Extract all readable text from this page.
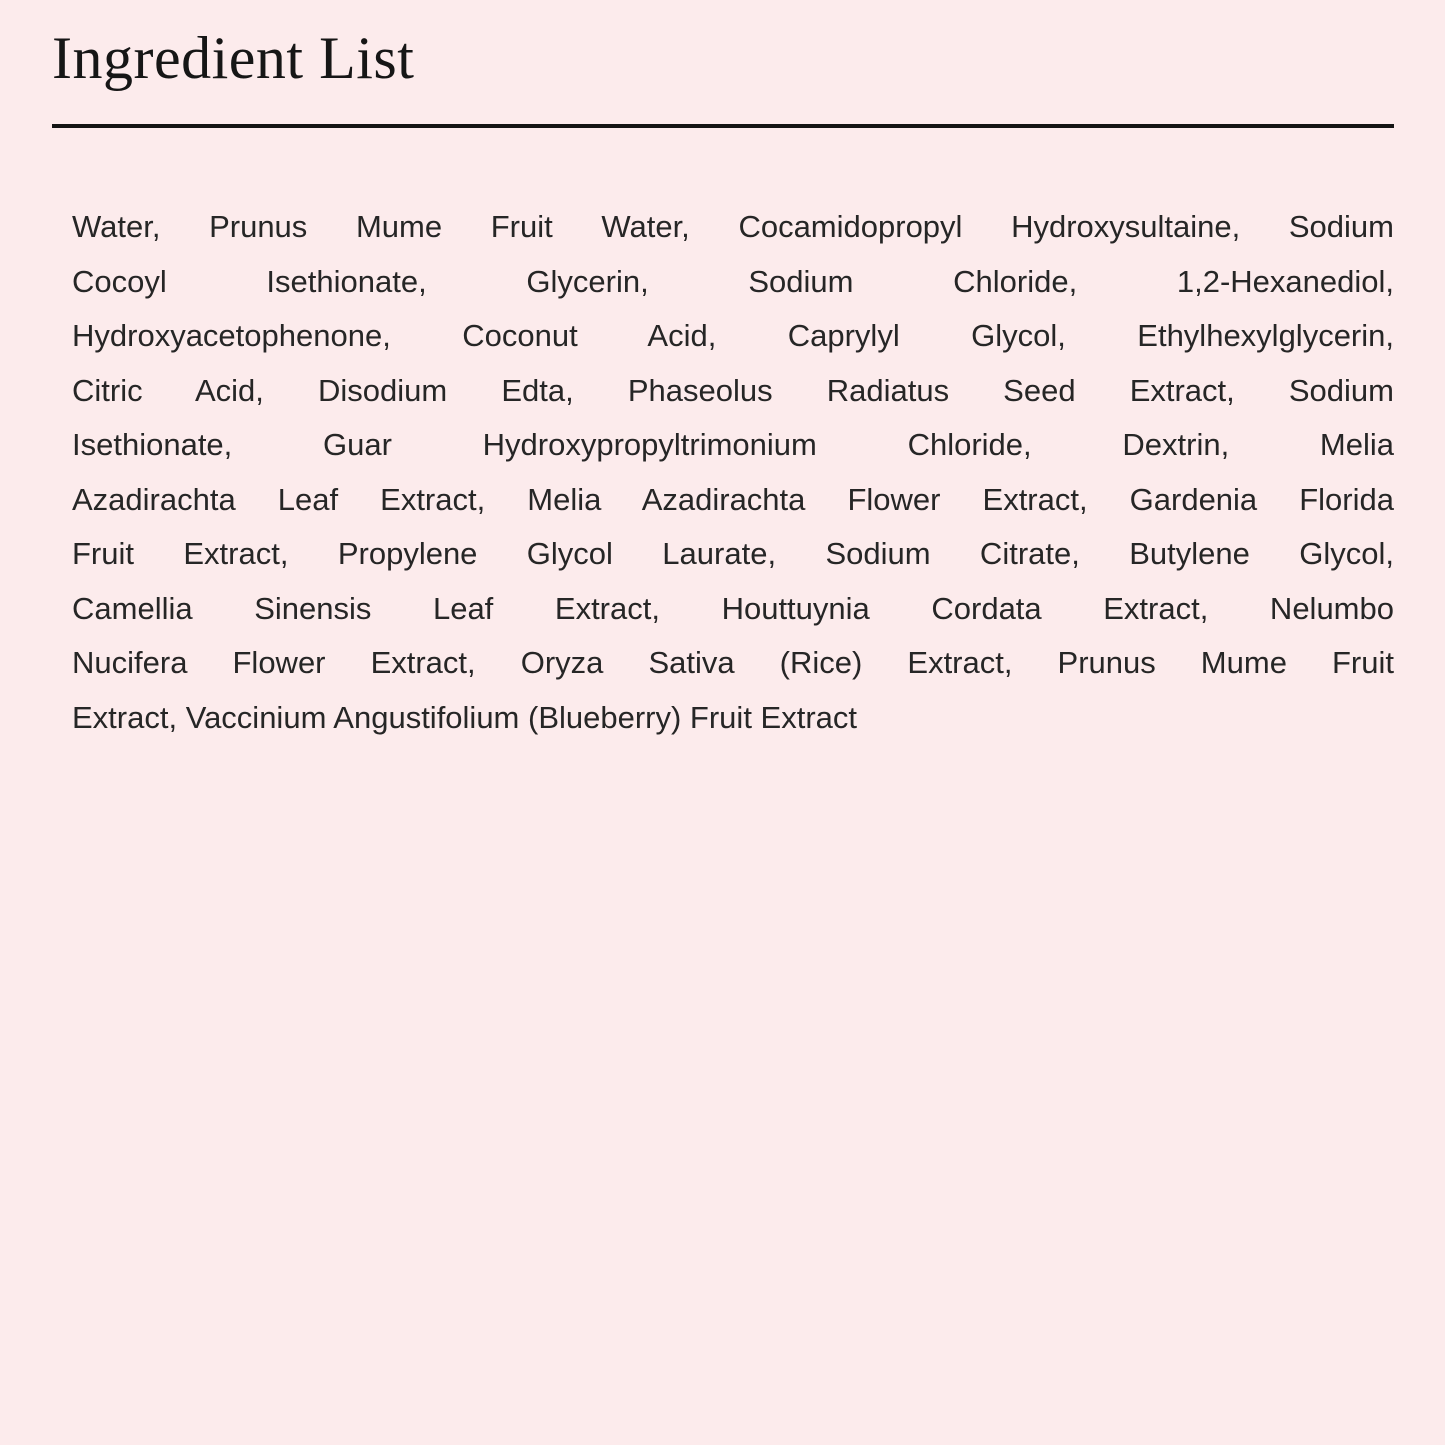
Ingredient List
Water, Prunus Mume Fruit Water, Cocamidopropyl Hydroxysultaine, Sodium
Cocoyl Isethionate, Glycerin, Sodium Chloride, 1,2-Hexanediol,
Hydroxyacetophenone, Coconut Acid, Caprylyl Glycol, Ethylhexylglycerin,
Citric Acid, Disodium Edta, Phaseolus Radiatus Seed Extract, Sodium
Isethionate, Guar Hydroxypropyltrimonium Chloride, Dextrin, Melia
Azadirachta Leaf Extract, Melia Azadirachta Flower Extract, Gardenia Florida
Fruit Extract, Propylene Glycol Laurate, Sodium Citrate, Butylene Glycol,
Camellia Sinensis Leaf Extract, Houttuynia Cordata Extract, Nelumbo
Nucifera Flower Extract, Oryza Sativa (Rice) Extract, Prunus Mume Fruit
Extract, Vaccinium Angustifolium (Blueberry) Fruit Extract
